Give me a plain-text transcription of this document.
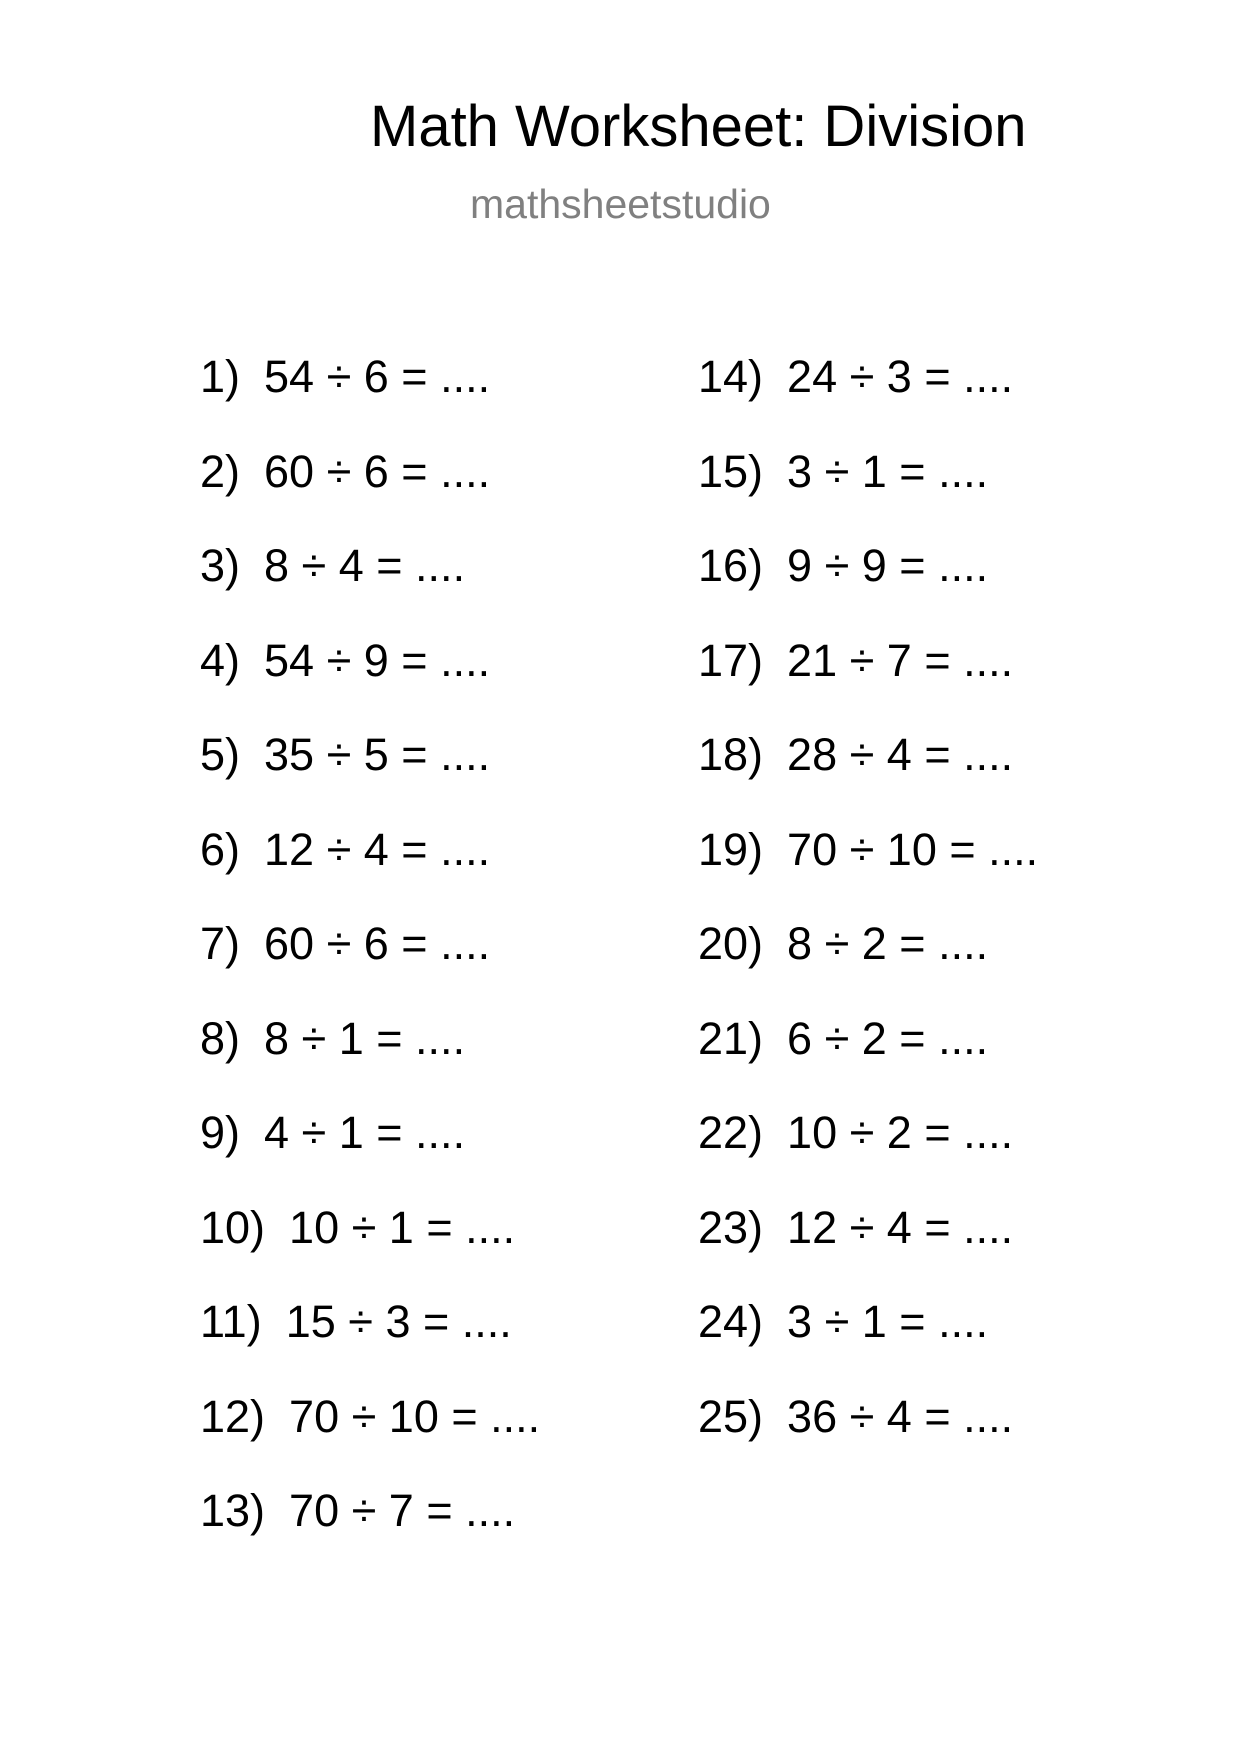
Math Worksheet: Division
mathsheetstudio
1) 54 ÷ 6 = ....
2) 60 ÷ 6 = ....
3) 8 ÷ 4 = ....
4) 54 ÷ 9 = ....
5) 35 ÷ 5 = ....
6) 12 ÷ 4 = ....
7) 60 ÷ 6 = ....
8) 8 ÷ 1 = ....
9) 4 ÷ 1 = ....
10) 10 ÷ 1 = ....
11) 15 ÷ 3 = ....
12) 70 ÷ 10 = ....
13) 70 ÷ 7 = ....
14) 24 ÷ 3 = ....
15) 3 ÷ 1 = ....
16) 9 ÷ 9 = ....
17) 21 ÷ 7 = ....
18) 28 ÷ 4 = ....
19) 70 ÷ 10 = ....
20) 8 ÷ 2 = ....
21) 6 ÷ 2 = ....
22) 10 ÷ 2 = ....
23) 12 ÷ 4 = ....
24) 3 ÷ 1 = ....
25) 36 ÷ 4 = ....
